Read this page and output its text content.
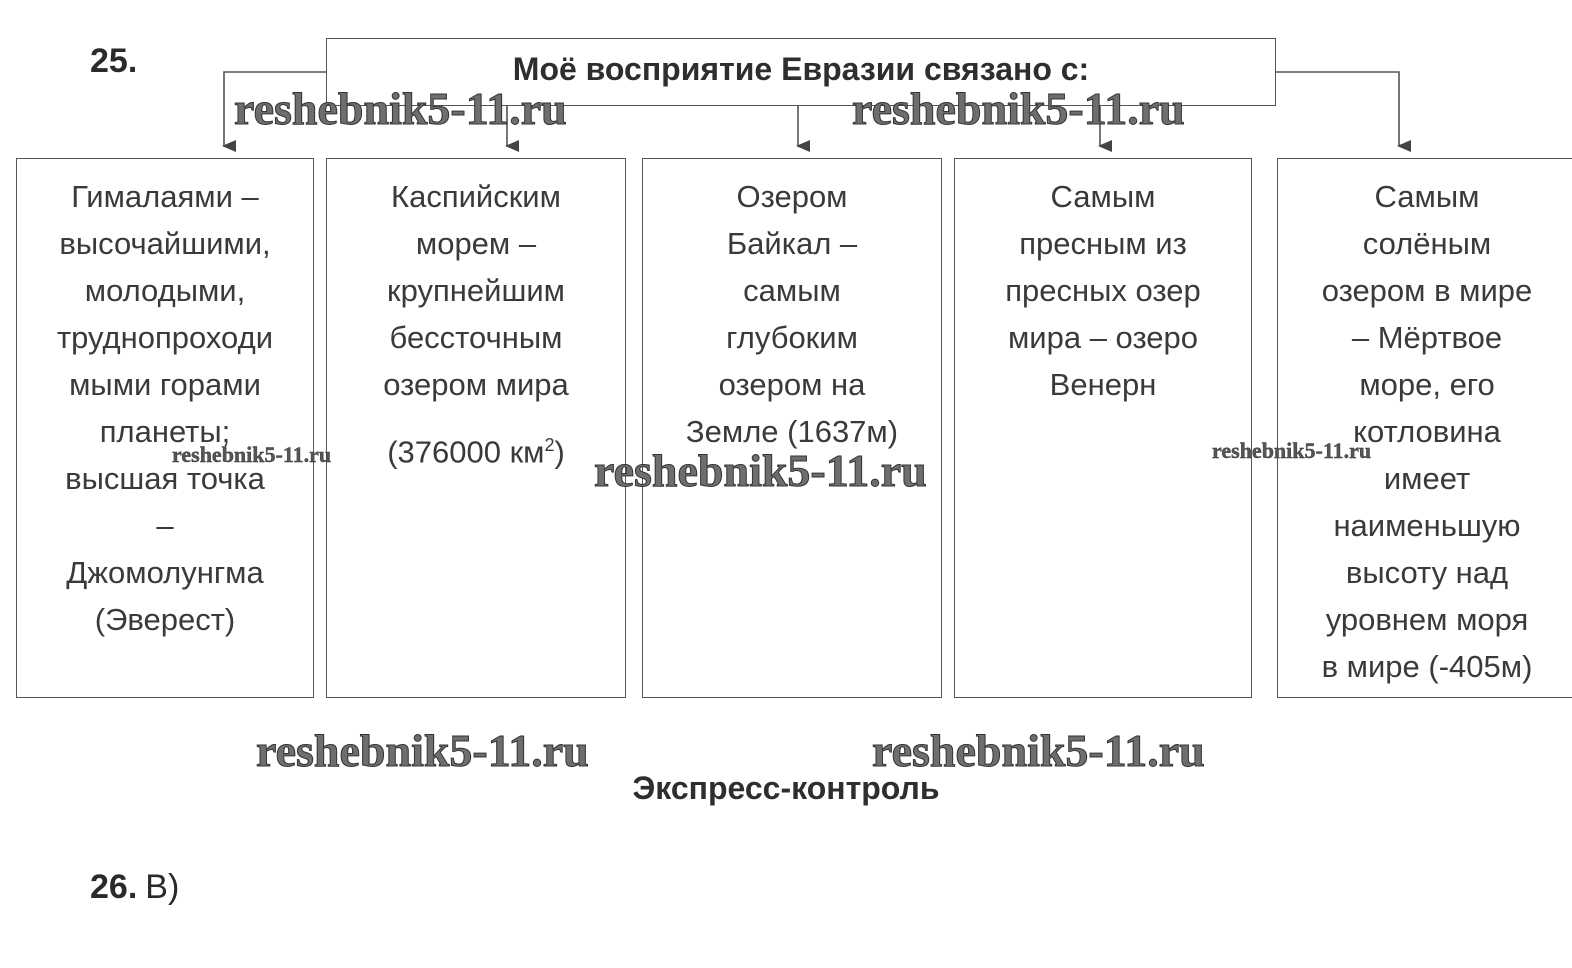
25.	Моё восприятие Евразии связано с:
Гималаями –
высочайшими,
молодыми,
труднопроходи
мыми горами
планеты;
высшая точка
–
Джомолунгма
(Эверест)
Каспийским
морем –
крупнейшим
бессточным
озером мира
(376000 $км^2$)
Озером
Байкал –
самым
глубоким
озером на
Земле (1637м)
Самым
пресным из
пресных озер
мира – озеро
Венерн
Самым
солёным
озером в мире
– Мёртвое
море, его
котловина
имеет
наименьшую
высоту над
уровнем моря
в мире (-405м)
Экспресс-контроль
26. В)
reshebnik5-11.ru	reshebnik5-11.ru
reshebnik5-11.ru
reshebnik5-11.ru	reshebnik5-11.ru
reshebnik5-11.ru	reshebnik5-11.ru
